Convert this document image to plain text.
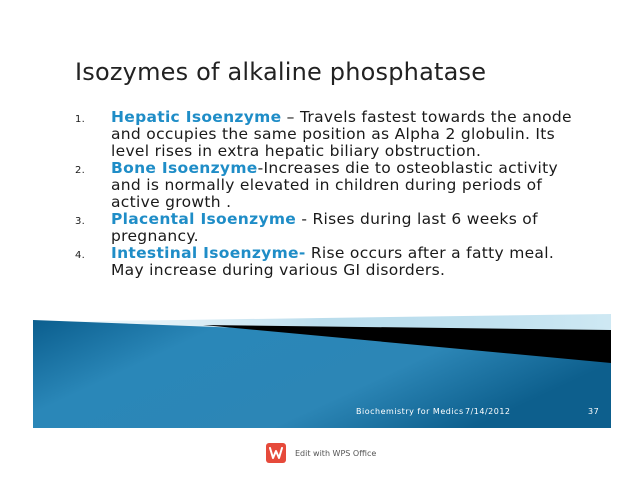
Isozymes of alkaline phosphatase
1. Hepatic Isoenzyme – Travels fastest towards the anode and occupies the same position as Alpha 2 globulin. Its level rises in extra hepatic biliary obstruction.
2. Bone Isoenzyme-Increases die to osteoblastic activity and is normally elevated in children during periods of active growth .
3. Placental Isoenzyme - Rises during last 6 weeks of pregnancy.
4. Intestinal Isoenzyme- Rise occurs after a fatty meal. May increase during various GI disorders.
Biochemistry for Medics 7/14/2012	37
Edit with WPS Office
